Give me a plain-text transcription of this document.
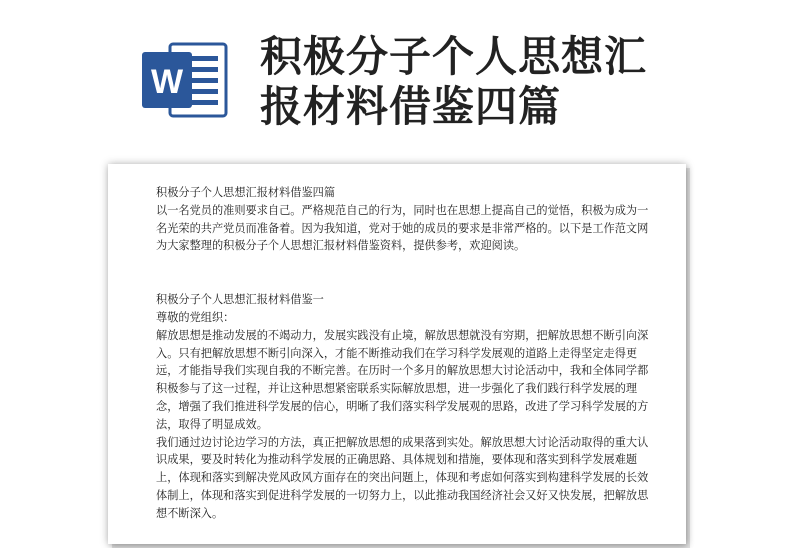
W
积极分子个人思想汇
报材料借鉴四篇

积极分子个人思想汇报材料借鉴四篇

以一名党员的准则要求自己。严格规范自己的行为，同时也在思想上提高自己的觉悟，积极为成为一名光荣的共产党员而准备着。因为我知道，党对于她的成员的要求是非常严格的。以下是工作范文网为大家整理的积极分子个人思想汇报材料借鉴资料，提供参考，欢迎阅读。

积极分子个人思想汇报材料借鉴一

尊敬的党组织：

解放思想是推动发展的不竭动力，发展实践没有止境，解放思想就没有穷期，把解放思想不断引向深入。只有把解放思想不断引向深入，才能不断推动我们在学习科学发展观的道路上走得坚定走得更远，才能指导我们实现自我的不断完善。在历时一个多月的解放思想大讨论活动中，我和全体同学都积极参与了这一过程，并让这种思想紧密联系实际解放思想，进一步强化了我们践行科学发展的理念，增强了我们推进科学发展的信心，明晰了我们落实科学发展观的思路，改进了学习科学发展的方法，取得了明显成效。

我们通过边讨论边学习的方法，真正把解放思想的成果落到实处。解放思想大讨论活动取得的重大认识成果，要及时转化为推动科学发展的正确思路、具体规划和措施，要体现和落实到科学发展难题上，体现和落实到解决党风政风方面存在的突出问题上，体现和考虑如何落实到构建科学发展的长效体制上，体现和落实到促进科学发展的一切努力上，以此推动我国经济社会又好又快发展，把解放思想不断深入。
